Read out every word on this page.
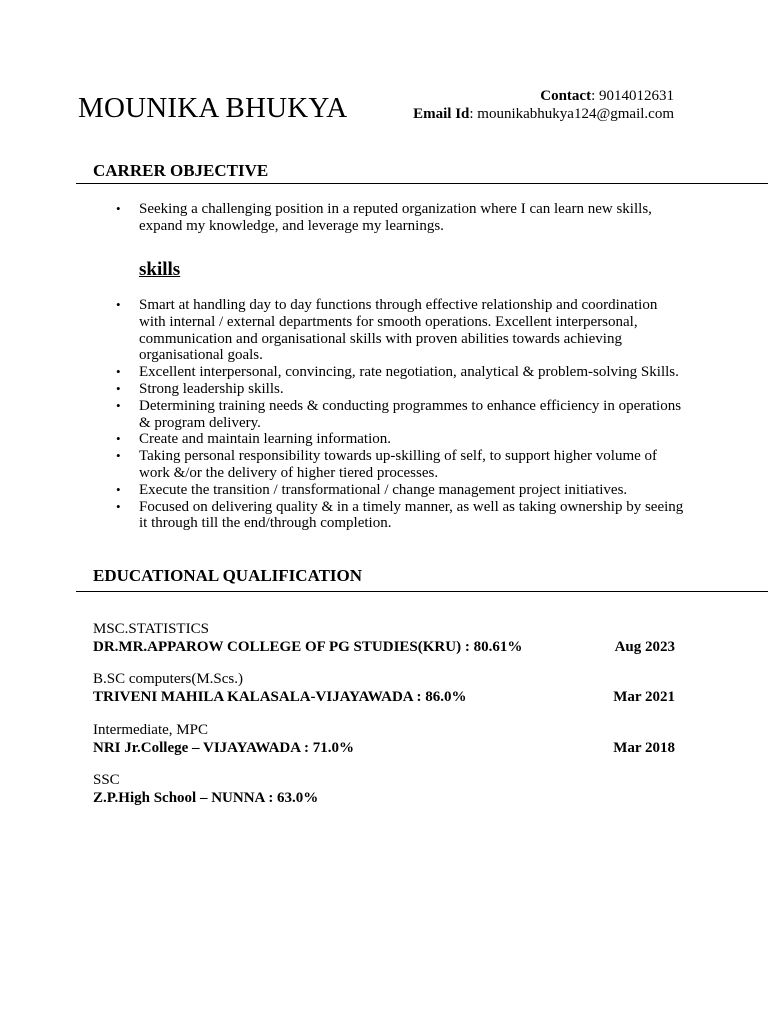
MOUNIKA BHUKYA	Contact: 9014012631
Email Id: mounikabhukya124@gmail.com
CARRER OBJECTIVE
• Seeking a challenging position in a reputed organization where I can learn new skills, expand my knowledge, and leverage my learnings.
skills
• Smart at handling day to day functions through effective relationship and coordination with internal / external departments for smooth operations. Excellent interpersonal, communication and organisational skills with proven abilities towards achieving organisational goals.
• Excellent interpersonal, convincing, rate negotiation, analytical & problem-solving Skills.
• Strong leadership skills.
• Determining training needs & conducting programmes to enhance efficiency in operations & program delivery.
• Create and maintain learning information.
• Taking personal responsibility towards up-skilling of self, to support higher volume of work &/or the delivery of higher tiered processes.
• Execute the transition / transformational / change management project initiatives.
• Focused on delivering quality & in a timely manner, as well as taking ownership by seeing it through till the end/through completion.
EDUCATIONAL QUALIFICATION
MSC.STATISTICS
DR.MR.APPAROW COLLEGE OF PG STUDIES(KRU) : 80.61%	Aug 2023
B.SC computers(M.Scs.)
TRIVENI MAHILA KALASALA-VIJAYAWADA : 86.0%	Mar 2021
Intermediate, MPC
NRI Jr.College – VIJAYAWADA : 71.0%	Mar 2018
SSC
Z.P.High School – NUNNA : 63.0%
